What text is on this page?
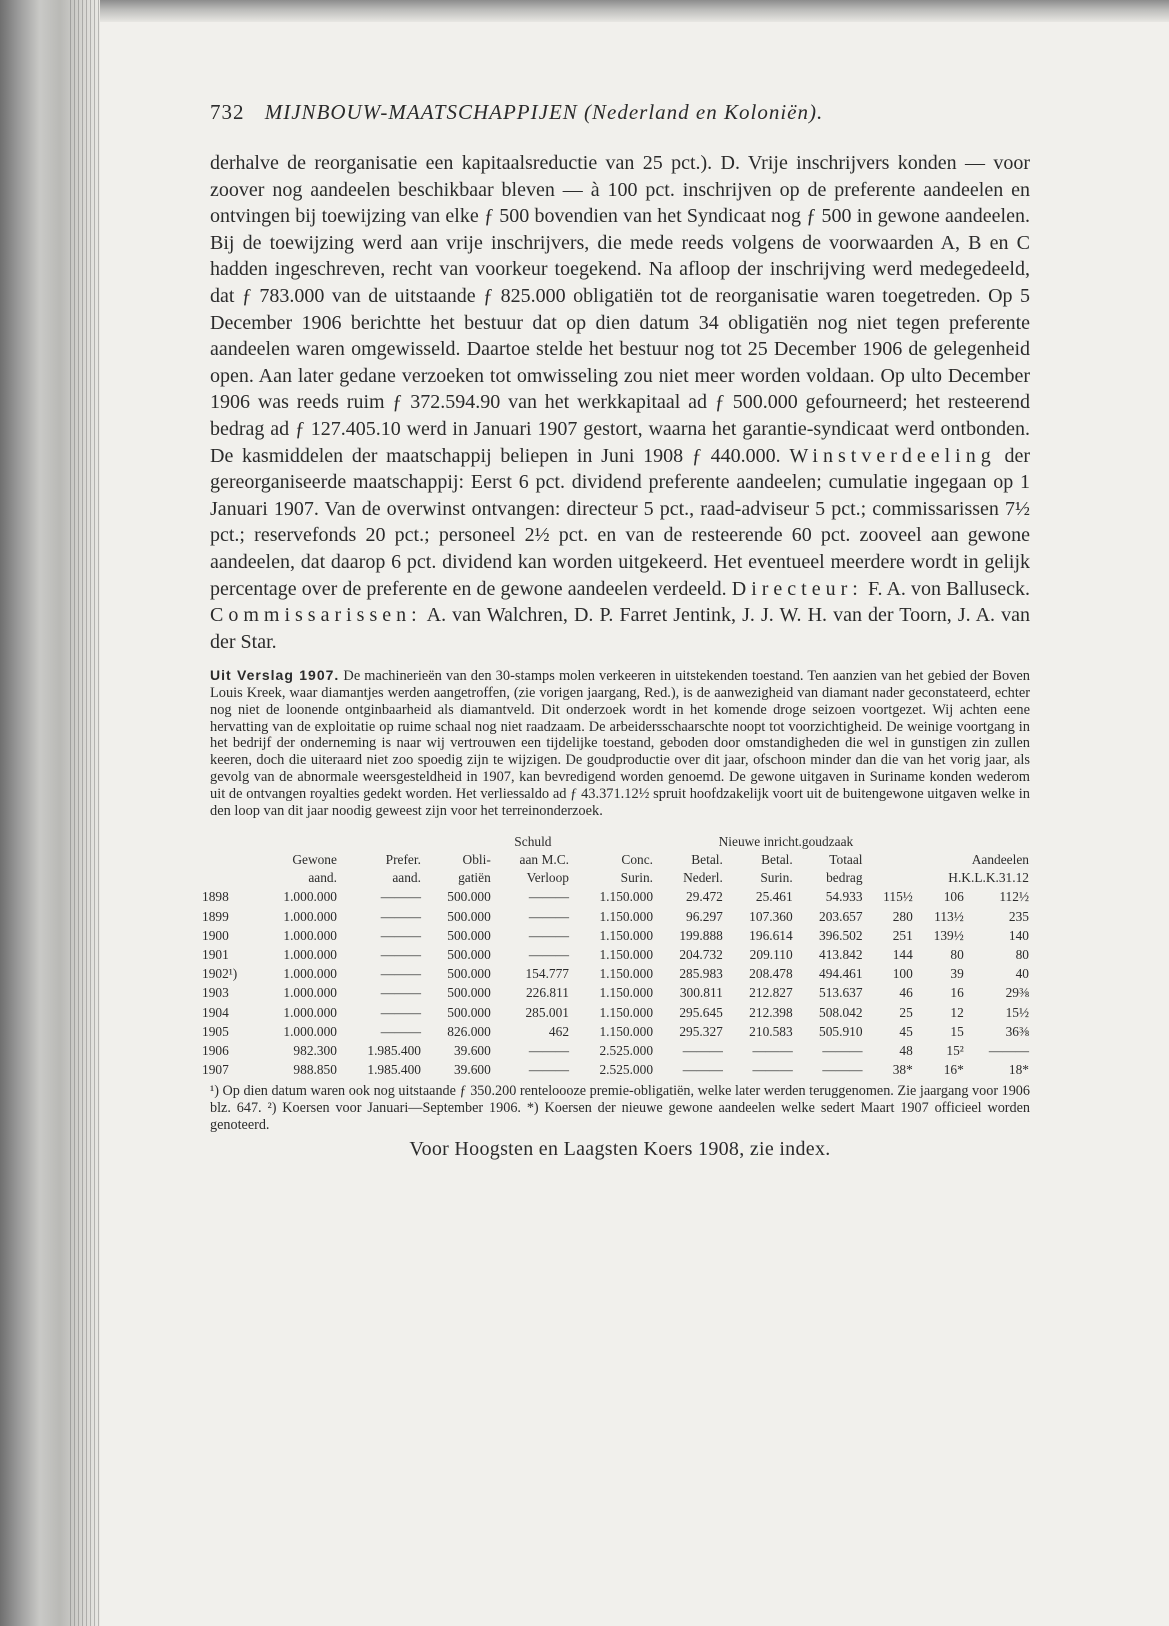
732 MIJNBOUW-MAATSCHAPPIJEN (Nederland en Koloniën).
derhalve de reorganisatie een kapitaalsreductie van 25 pct.). D. Vrije inschrijvers konden — voor zoover nog aandeelen beschikbaar bleven — à 100 pct. inschrijven op de preferente aandeelen en ontvingen bij toewijzing van elke ƒ 500 bovendien van het Syndicaat nog ƒ 500 in gewone aandeelen. Bij de toewijzing werd aan vrije inschrijvers, die mede reeds volgens de voorwaarden A, B en C hadden ingeschreven, recht van voorkeur toegekend. Na afloop der inschrijving werd medegedeeld, dat ƒ 783.000 van de uitstaande ƒ 825.000 obligatiën tot de reorganisatie waren toegetreden. Op 5 December 1906 berichtte het bestuur dat op dien datum 34 obligatiën nog niet tegen preferente aandeelen waren omgewisseld. Daartoe stelde het bestuur nog tot 25 December 1906 de gelegenheid open. Aan later gedane verzoeken tot omwisseling zou niet meer worden voldaan. Op ulto December 1906 was reeds ruim ƒ 372.594.90 van het werkkapitaal ad ƒ 500.000 gefourneerd; het resteerend bedrag ad ƒ 127.405.10 werd in Januari 1907 gestort, waarna het garantie-syndicaat werd ontbonden. De kasmiddelen der maatschappij beliepen in Juni 1908 ƒ 440.000. Winstverdeeling der gereorganiseerde maatschappij: Eerst 6 pct. dividend preferente aandeelen; cumulatie ingegaan op 1 Januari 1907. Van de overwinst ontvangen: directeur 5 pct., raad-adviseur 5 pct.; commissarissen 7½ pct.; reservefonds 20 pct.; personeel 2½ pct. en van de resteerende 60 pct. zooveel aan gewone aandeelen, dat daarop 6 pct. dividend kan worden uitgekeerd. Het eventueel meerdere wordt in gelijk percentage over de preferente en de gewone aandeelen verdeeld. Directeur: F. A. von Balluseck. Commissarissen: A. van Walchren, D. P. Farret Jentink, J. J. W. H. van der Toorn, J. A. van der Star.
Uit Verslag 1907. De machinerieën van den 30-stamps molen verkeeren in uitstekenden toestand. Ten aanzien van het gebied der Boven Louis Kreek, waar diamantjes werden aangetroffen, (zie vorigen jaargang, Red.), is de aanwezigheid van diamant nader geconstateerd, echter nog niet de loonende ontginbaarheid als diamantveld. Dit onderzoek wordt in het komende droge seizoen voortgezet. Wij achten eene hervatting van de exploitatie op ruime schaal nog niet raadzaam. De arbeidersschaarschte noopt tot voorzichtigheid. De weinige voortgang in het bedrijf der onderneming is naar wij vertrouwen een tijdelijke toestand, geboden door omstandigheden die wel in gunstigen zin zullen keeren, doch die uiteraard niet zoo spoedig zijn te wijzigen. De goudproductie over dit jaar, ofschoon minder dan die van het vorig jaar, als gevolg van de abnormale weersgesteldheid in 1907, kan bevredigend worden genoemd. De gewone uitgaven in Suriname konden wederom uit de ontvangen royalties gedekt worden. Het verliessaldo ad ƒ 43.371.12½ spruit hoofdzakelijk voort uit de buitengewone uitgaven welke in den loop van dit jaar noodig geweest zijn voor het terreinonderzoek.
				Schuld		Nieuwe inricht.goudzaak					
	Gewone	Prefer.	Obli-	aan M.C.	Conc.	Betal.	Betal.	Totaal	Aandeelen		
	aand.	aand.	gatiën	Verloop	Surin.	Nederl.	Surin.	bedrag	H.K.L.K.31.12		
1898	1.000.000	———	500.000	———	1.150.000	29.472	25.461	54.933	115½	106	112½
1899	1.000.000	———	500.000	———	1.150.000	96.297	107.360	203.657	280	113½	235
1900	1.000.000	———	500.000	———	1.150.000	199.888	196.614	396.502	251	139½	140
1901	1.000.000	———	500.000	———	1.150.000	204.732	209.110	413.842	144	80	80
1902¹)	1.000.000	———	500.000	154.777	1.150.000	285.983	208.478	494.461	100	39	40
1903	1.000.000	———	500.000	226.811	1.150.000	300.811	212.827	513.637	46	16	29⅜
1904	1.000.000	———	500.000	285.001	1.150.000	295.645	212.398	508.042	25	12	15½
1905	1.000.000	———	826.000	462	1.150.000	295.327	210.583	505.910	45	15	36⅜
1906	982.300	1.985.400	39.600	———	2.525.000	———	———	———	48	15²	———
1907	988.850	1.985.400	39.600	———	2.525.000	———	———	———	38*	16*	18*
¹) Op dien datum waren ook nog uitstaande ƒ 350.200 renteloooze premie-obligatiën, welke later werden teruggenomen. Zie jaargang voor 1906 blz. 647. ²) Koersen voor Januari—September 1906. *) Koersen der nieuwe gewone aandeelen welke sedert Maart 1907 officieel worden genoteerd.
Voor Hoogsten en Laagsten Koers 1908, zie index.
